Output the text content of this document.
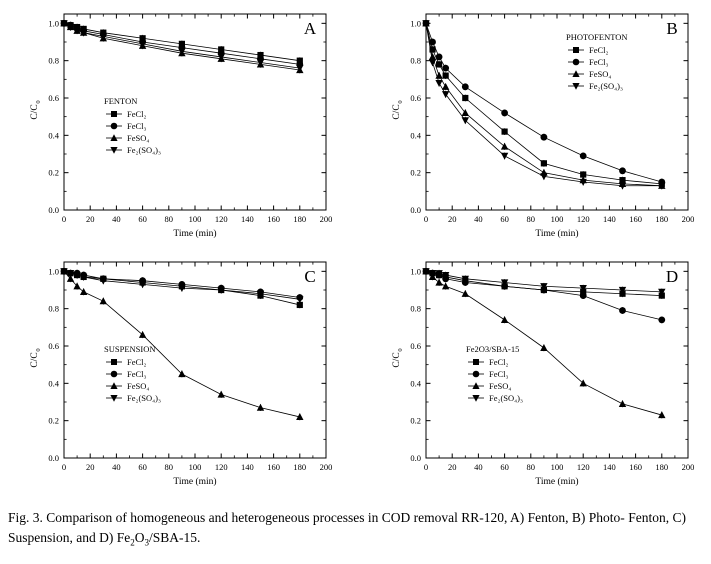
0 20 40 60 80 100 120 140 160 180 200
0.0
0.2
0.4
0.6
0.8
1.0
Time (min)
C/C
0
A
FENTON
FeCl₂
FeCl₃
FeSO₄
Fe₂(SO₄)₃
0 20 40 60 80 100 120 140 160 180 200
0.0
0.2
0.4
0.6
0.8
1.0
Time (min)
C/C
0
B
PHOTOFENTON
FeCl₂
FeCl₃
FeSO₄
Fe₂(SO₄)₃
0 20 40 60 80 100 120 140 160 180 200
0.0
0.2
0.4
0.6
0.8
1.0
Time (min)
C/C
0
C
SUSPENSION
FeCl₂
FeCl₃
FeSO₄
Fe₂(SO₄)₃
0 20 40 60 80 100 120 140 160 180 200
0.0
0.2
0.4
0.6
0.8
1.0
Time (min)
C/C
0
D
Fe2O3/SBA-15
FeCl₂
FeCl₃
FeSO₄
Fe₂(SO₄)₃
Fig. 3. Comparison of homogeneous and heterogeneous processes in COD removal RR-120, A) Fenton, B) Photo- Fenton, C) Suspension, and D) $Fe_2O_3/SBA-15$.
